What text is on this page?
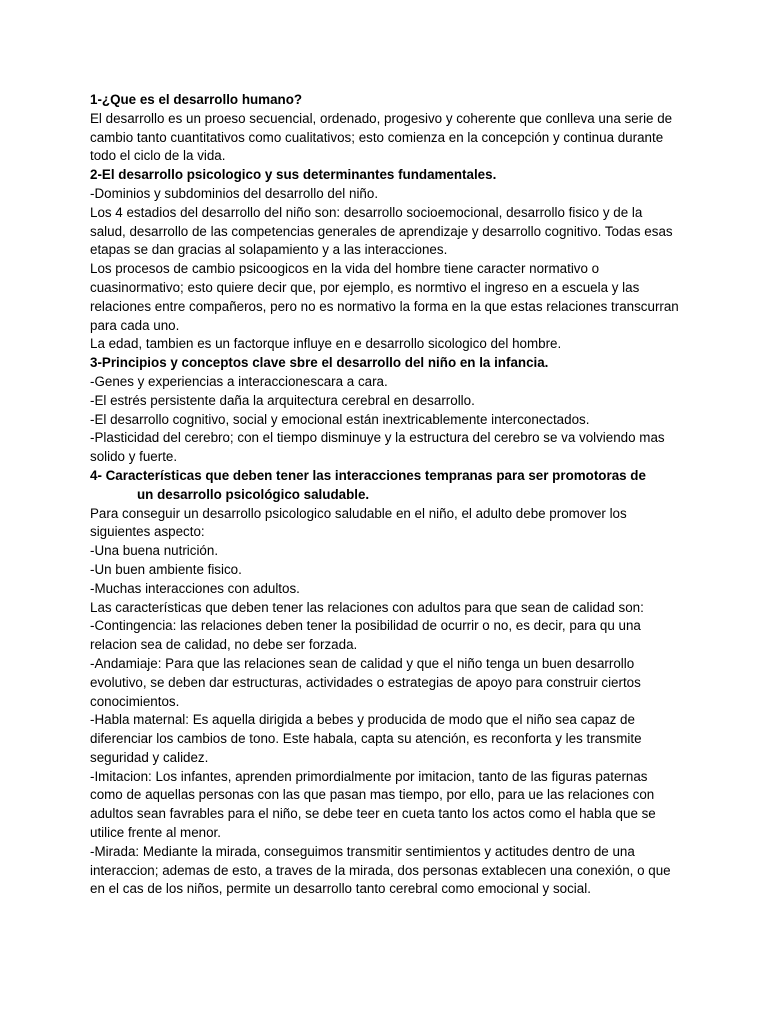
1-¿Que es el desarrollo humano?

El desarrollo es un proeso secuencial, ordenado, progesivo y coherente que conlleva una serie de cambio tanto cuantitativos como cualitativos; esto comienza en la concepción y continua durante todo el ciclo de la vida.

2-El desarrollo psicologico y sus determinantes fundamentales.

-Dominios y subdominios del desarrollo del niño.

Los 4 estadios del desarrollo del niño son: desarrollo socioemocional, desarrollo fisico y de la salud, desarrollo de las competencias generales de aprendizaje y desarrollo cognitivo. Todas esas etapas se dan gracias al solapamiento y a las interacciones.

Los procesos de cambio psicoogicos en la vida del hombre tiene caracter normativo o cuasinormativo; esto quiere decir que, por ejemplo, es normtivo el ingreso en a escuela y las relaciones entre compañeros, pero no es normativo la forma en la que estas relaciones transcurran para cada uno.

La edad, tambien es un factorque influye en e desarrollo sicologico del hombre.

3-Principios y conceptos clave sbre el desarrollo del niño en la infancia.

-Genes y experiencias a interaccionescara a cara.

-El estrés persistente daña la arquitectura cerebral en desarrollo.

-El desarrollo cognitivo, social y emocional están inextricablemente interconectados.

-Plasticidad del cerebro; con el tiempo disminuye y la estructura del cerebro se va volviendo mas solido y fuerte.

4- Características que deben tener las interacciones tempranas para ser promotoras de

un desarrollo psicológico saludable.

Para conseguir un desarrollo psicologico saludable en el niño, el adulto debe promover los siguientes aspecto:

-Una buena nutrición.

-Un buen ambiente fisico.

-Muchas interacciones con adultos.

Las características que deben tener las relaciones con adultos para que sean de calidad son:

-Contingencia: las relaciones deben tener la posibilidad de ocurrir o no, es decir, para qu una relacion sea de calidad, no debe ser forzada.

-Andamiaje: Para que las relaciones sean de calidad y que el niño tenga un buen desarrollo evolutivo, se deben dar estructuras, actividades o estrategias de apoyo para construir ciertos conocimientos.

-Habla maternal: Es aquella dirigida a bebes y producida de modo que el niño sea capaz de diferenciar los cambios de tono. Este habala, capta su atención, es reconforta y les transmite seguridad y calidez.

-Imitacion: Los infantes, aprenden primordialmente por imitacion, tanto de las figuras paternas como de aquellas personas con las que pasan mas tiempo, por ello, para ue las relaciones con adultos sean favrables para el niño, se debe teer en cueta tanto los actos como el habla que se utilice frente al menor.

-Mirada: Mediante la mirada, conseguimos transmitir sentimientos y actitudes dentro de una interaccion; ademas de esto, a traves de la mirada, dos personas extablecen una conexión, o que en el cas de los niños, permite un desarrollo tanto cerebral como emocional y social.
